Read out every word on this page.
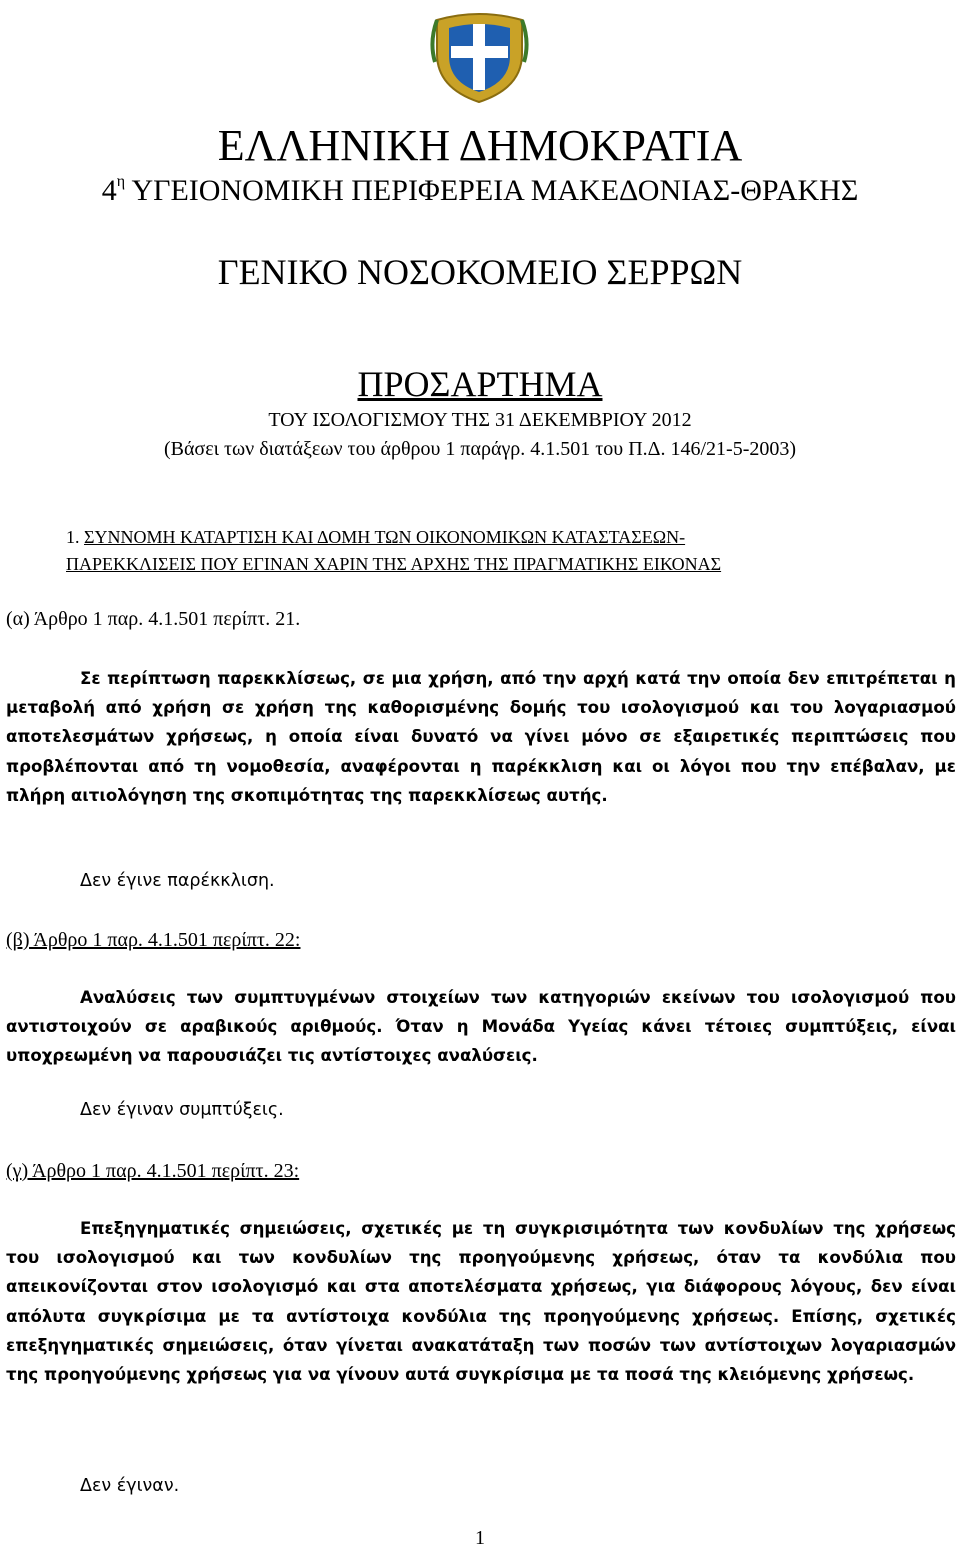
ΕΛΛΗΝΙΚΗ ΔΗΜΟΚΡΑΤΙΑ
$4^\eta$ ΥΓΕΙΟΝΟΜΙΚΗ ΠΕΡΙΦΕΡΕΙΑ ΜΑΚΕΔΟΝΙΑΣ-ΘΡΑΚΗΣ
ΓΕΝΙΚΟ ΝΟΣΟΚΟΜΕΙΟ ΣΕΡΡΩΝ
ΠΡΟΣΑΡΤΗΜΑ
ΤΟΥ ΙΣΟΛΟΓΙΣΜΟΥ ΤΗΣ 31 ΔΕΚΕΜΒΡΙΟΥ 2012
(Βάσει των διατάξεων του άρθρου 1 παράγρ. 4.1.501 του Π.Δ. 146/21-5-2003)
1. ΣΥΝΝΟΜΗ ΚΑΤΑΡΤΙΣΗ ΚΑΙ ΔΟΜΗ ΤΩΝ ΟΙΚΟΝΟΜΙΚΩΝ ΚΑΤΑΣΤΑΣΕΩΝ-
ΠΑΡΕΚΚΛΙΣΕΙΣ ΠΟΥ ΕΓΙΝΑΝ ΧΑΡΙΝ ΤΗΣ ΑΡΧΗΣ ΤΗΣ ΠΡΑΓΜΑΤΙΚΗΣ ΕΙΚΟΝΑΣ
(α) Άρθρο 1 παρ. 4.1.501 περίπτ. 21.

Σε περίπτωση παρεκκλίσεως, σε μια χρήση, από την αρχή κατά την οποία δεν επιτρέπεται η μεταβολή από χρήση σε χρήση της καθορισμένης δομής του ισολογισμού και του λογαριασμού αποτελεσμάτων χρήσεως, η οποία είναι δυνατό να γίνει μόνο σε εξαιρετικές περιπτώσεις που προβλέπονται από τη νομοθεσία, αναφέρονται η παρέκκλιση και οι λόγοι που την επέβαλαν, με πλήρη αιτιολόγηση της σκοπιμότητας της παρεκκλίσεως αυτής.

Δεν έγινε παρέκκλιση.
(β) Άρθρο 1 παρ. 4.1.501 περίπτ. 22:

Αναλύσεις των συμπτυγμένων στοιχείων των κατηγοριών εκείνων του ισολογισμού που αντιστοιχούν σε αραβικούς αριθμούς. Όταν η Μονάδα Υγείας κάνει τέτοιες συμπτύξεις, είναι υποχρεωμένη να παρουσιάζει τις αντίστοιχες αναλύσεις.

Δεν έγιναν συμπτύξεις.
(γ) Άρθρο 1 παρ. 4.1.501 περίπτ. 23:

Επεξηγηματικές σημειώσεις, σχετικές με τη συγκρισιμότητα των κονδυλίων της χρήσεως του ισολογισμού και των κονδυλίων της προηγούμενης χρήσεως, όταν τα κονδύλια που απεικονίζονται στον ισολογισμό και στα αποτελέσματα χρήσεως, για διάφορους λόγους, δεν είναι απόλυτα συγκρίσιμα με τα αντίστοιχα κονδύλια της προηγούμενης χρήσεως. Επίσης, σχετικές επεξηγηματικές σημειώσεις, όταν γίνεται ανακατάταξη των ποσών των αντίστοιχων λογαριασμών της προηγούμενης χρήσεως για να γίνουν αυτά συγκρίσιμα με τα ποσά της κλειόμενης χρήσεως.

Δεν έγιναν.
1
